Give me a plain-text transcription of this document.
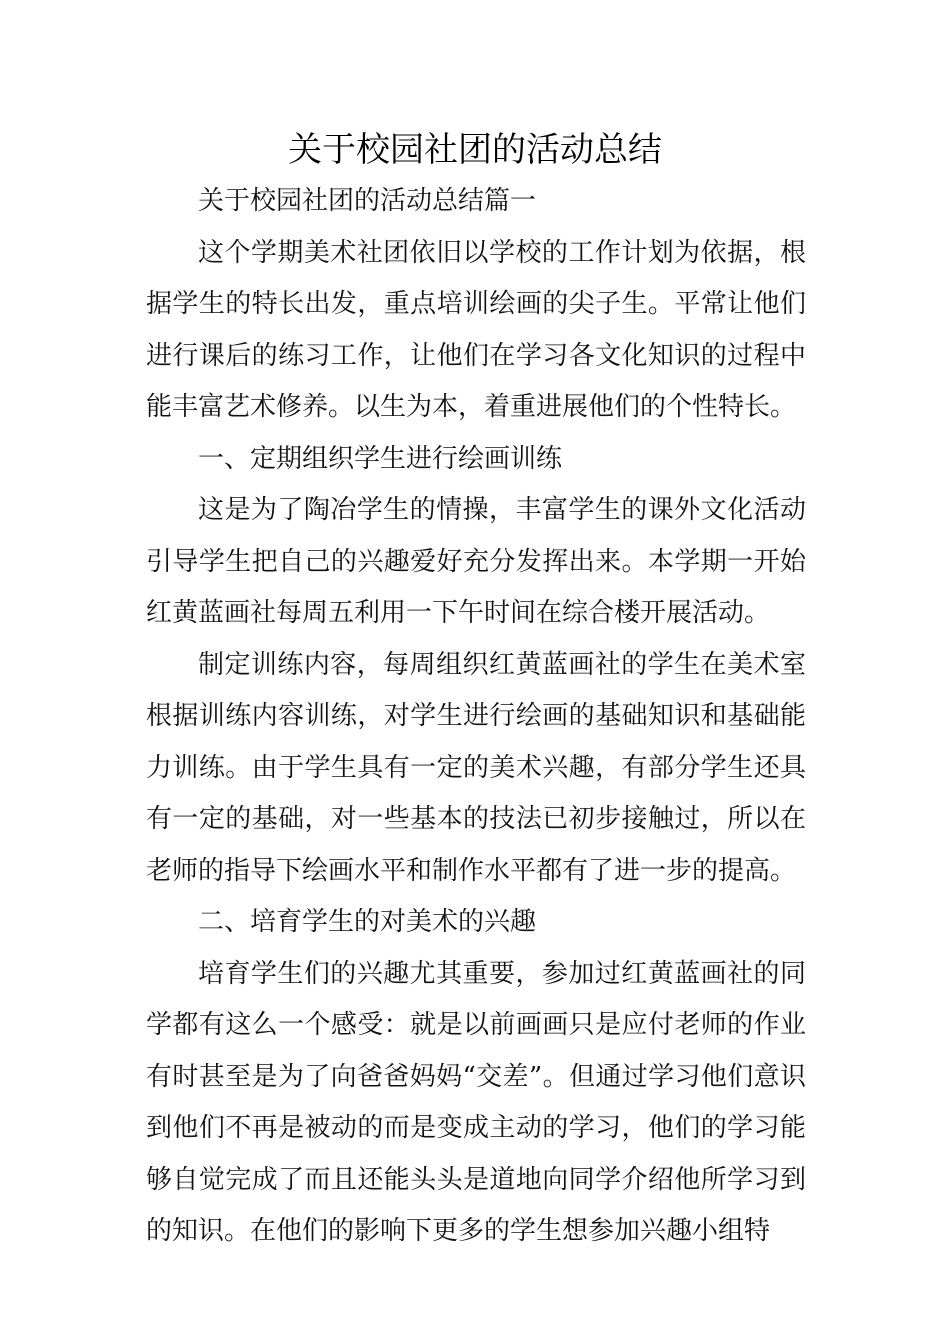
关于校园社团的活动总结

关于校园社团的活动总结篇一

这个学期美术社团依旧以学校的工作计划为依据，根据学生的特长出发，重点培训绘画的尖子生。平常让他们进行课后的练习工作，让他们在学习各文化知识的过程中能丰富艺术修养。以生为本，着重进展他们的个性特长。

一、定期组织学生进行绘画训练

这是为了陶冶学生的情操，丰富学生的课外文化活动引导学生把自己的兴趣爱好充分发挥出来。本学期一开始红黄蓝画社每周五利用一下午时间在综合楼开展活动。

制定训练内容，每周组织红黄蓝画社的学生在美术室根据训练内容训练，对学生进行绘画的基础知识和基础能力训练。由于学生具有一定的美术兴趣，有部分学生还具有一定的基础，对一些基本的技法已初步接触过，所以在老师的指导下绘画水平和制作水平都有了进一步的提高。

二、培育学生的对美术的兴趣

培育学生们的兴趣尤其重要，参加过红黄蓝画社的同学都有这么一个感受：就是以前画画只是应付老师的作业有时甚至是为了向爸爸妈妈“交差”。但通过学习他们意识到他们不再是被动的而是变成主动的学习，他们的学习能够自觉完成了而且还能头头是道地向同学介绍他所学习到的知识。在他们的影响下更多的学生想参加兴趣小组特
